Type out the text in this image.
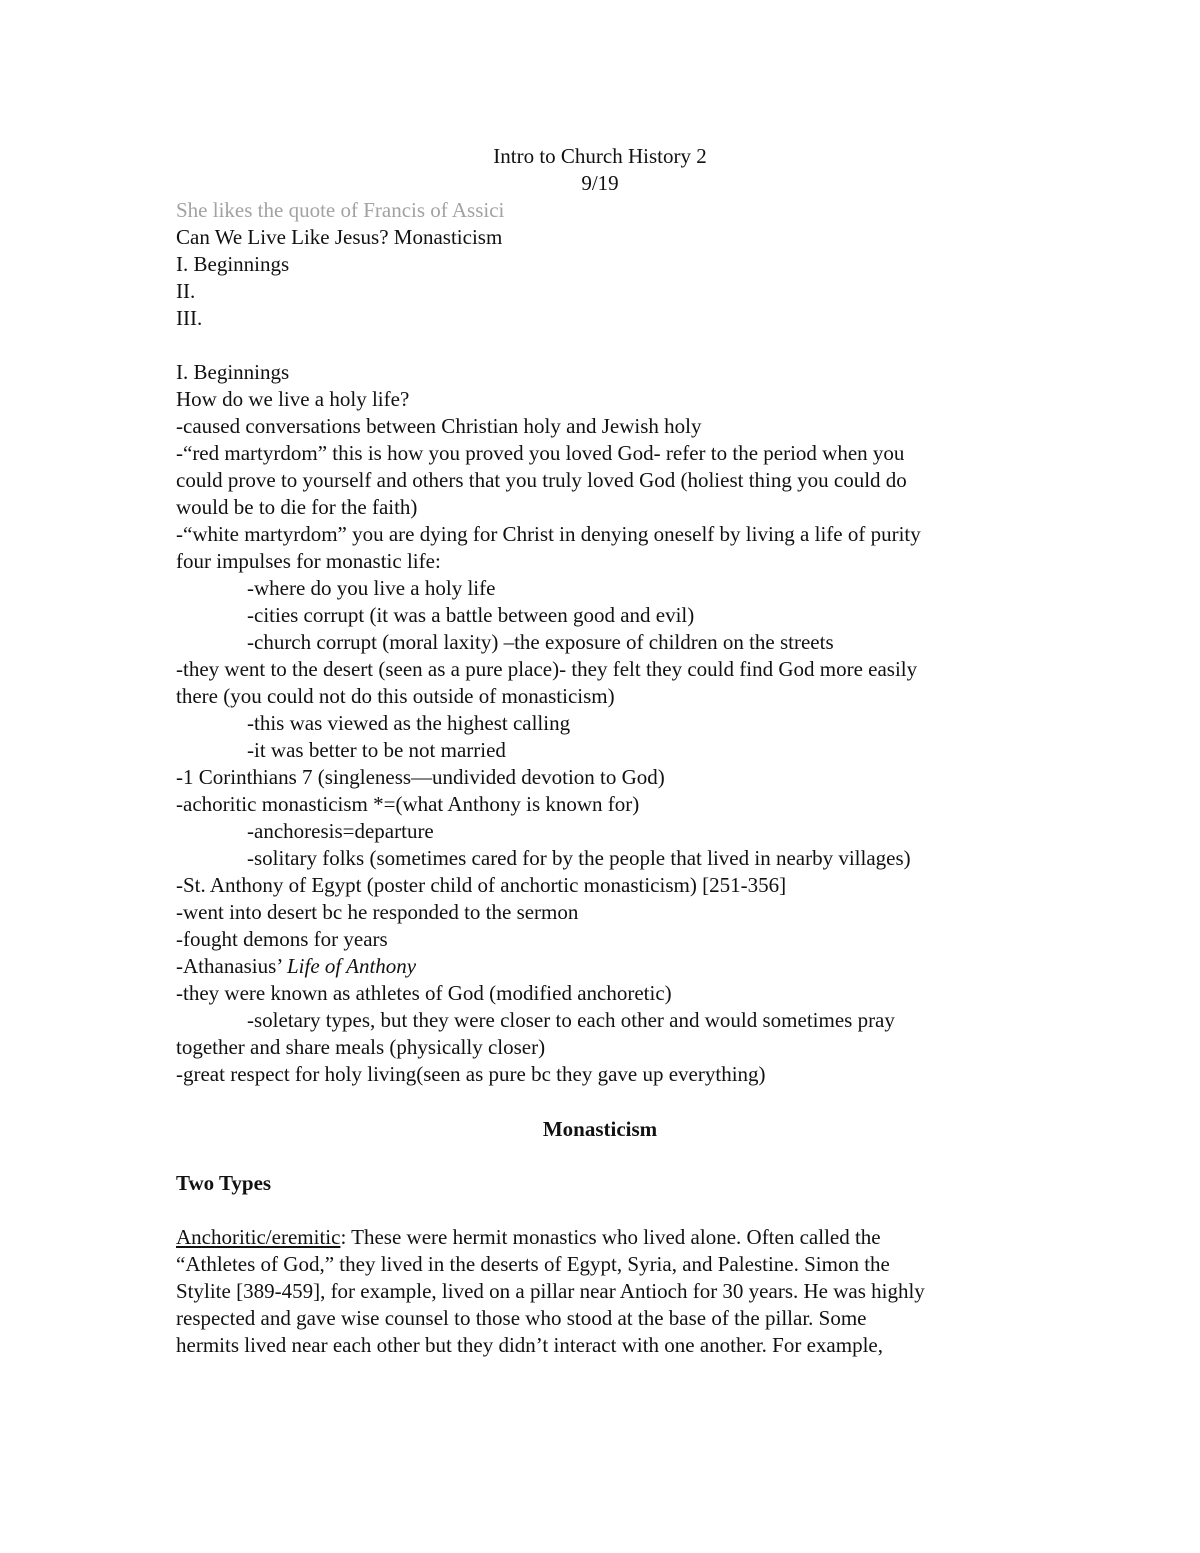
Intro to Church History 2
9/19
She likes the quote of Francis of Assici
Can We Live Like Jesus? Monasticism
I. Beginnings
II.
III.
I. Beginnings
How do we live a holy life?
-caused conversations between Christian holy and Jewish holy
-“red martyrdom” this is how you proved you loved God- refer to the period when you
could prove to yourself and others that you truly loved God (holiest thing you could do
would be to die for the faith)
-“white martyrdom” you are dying for Christ in denying oneself by living a life of purity
four impulses for monastic life:
-where do you live a holy life
-cities corrupt (it was a battle between good and evil)
-church corrupt (moral laxity) –the exposure of children on the streets
-they went to the desert (seen as a pure place)- they felt they could find God more easily
there (you could not do this outside of monasticism)
-this was viewed as the highest calling
-it was better to be not married
-1 Corinthians 7 (singleness—undivided devotion to God)
-achoritic monasticism *=(what Anthony is known for)
-anchoresis=departure
-solitary folks (sometimes cared for by the people that lived in nearby villages)
-St. Anthony of Egypt (poster child of anchortic monasticism) [251-356]
-went into desert bc he responded to the sermon
-fought demons for years
-Athanasius’ Life of Anthony
-they were known as athletes of God (modified anchoretic)
-soletary types, but they were closer to each other and would sometimes pray
together and share meals (physically closer)
-great respect for holy living(seen as pure bc they gave up everything)
Monasticism
Two Types
Anchoritic/eremitic: These were hermit monastics who lived alone. Often called the
“Athletes of God,” they lived in the deserts of Egypt, Syria, and Palestine. Simon the
Stylite [389-459], for example, lived on a pillar near Antioch for 30 years. He was highly
respected and gave wise counsel to those who stood at the base of the pillar. Some
hermits lived near each other but they didn’t interact with one another. For example,
